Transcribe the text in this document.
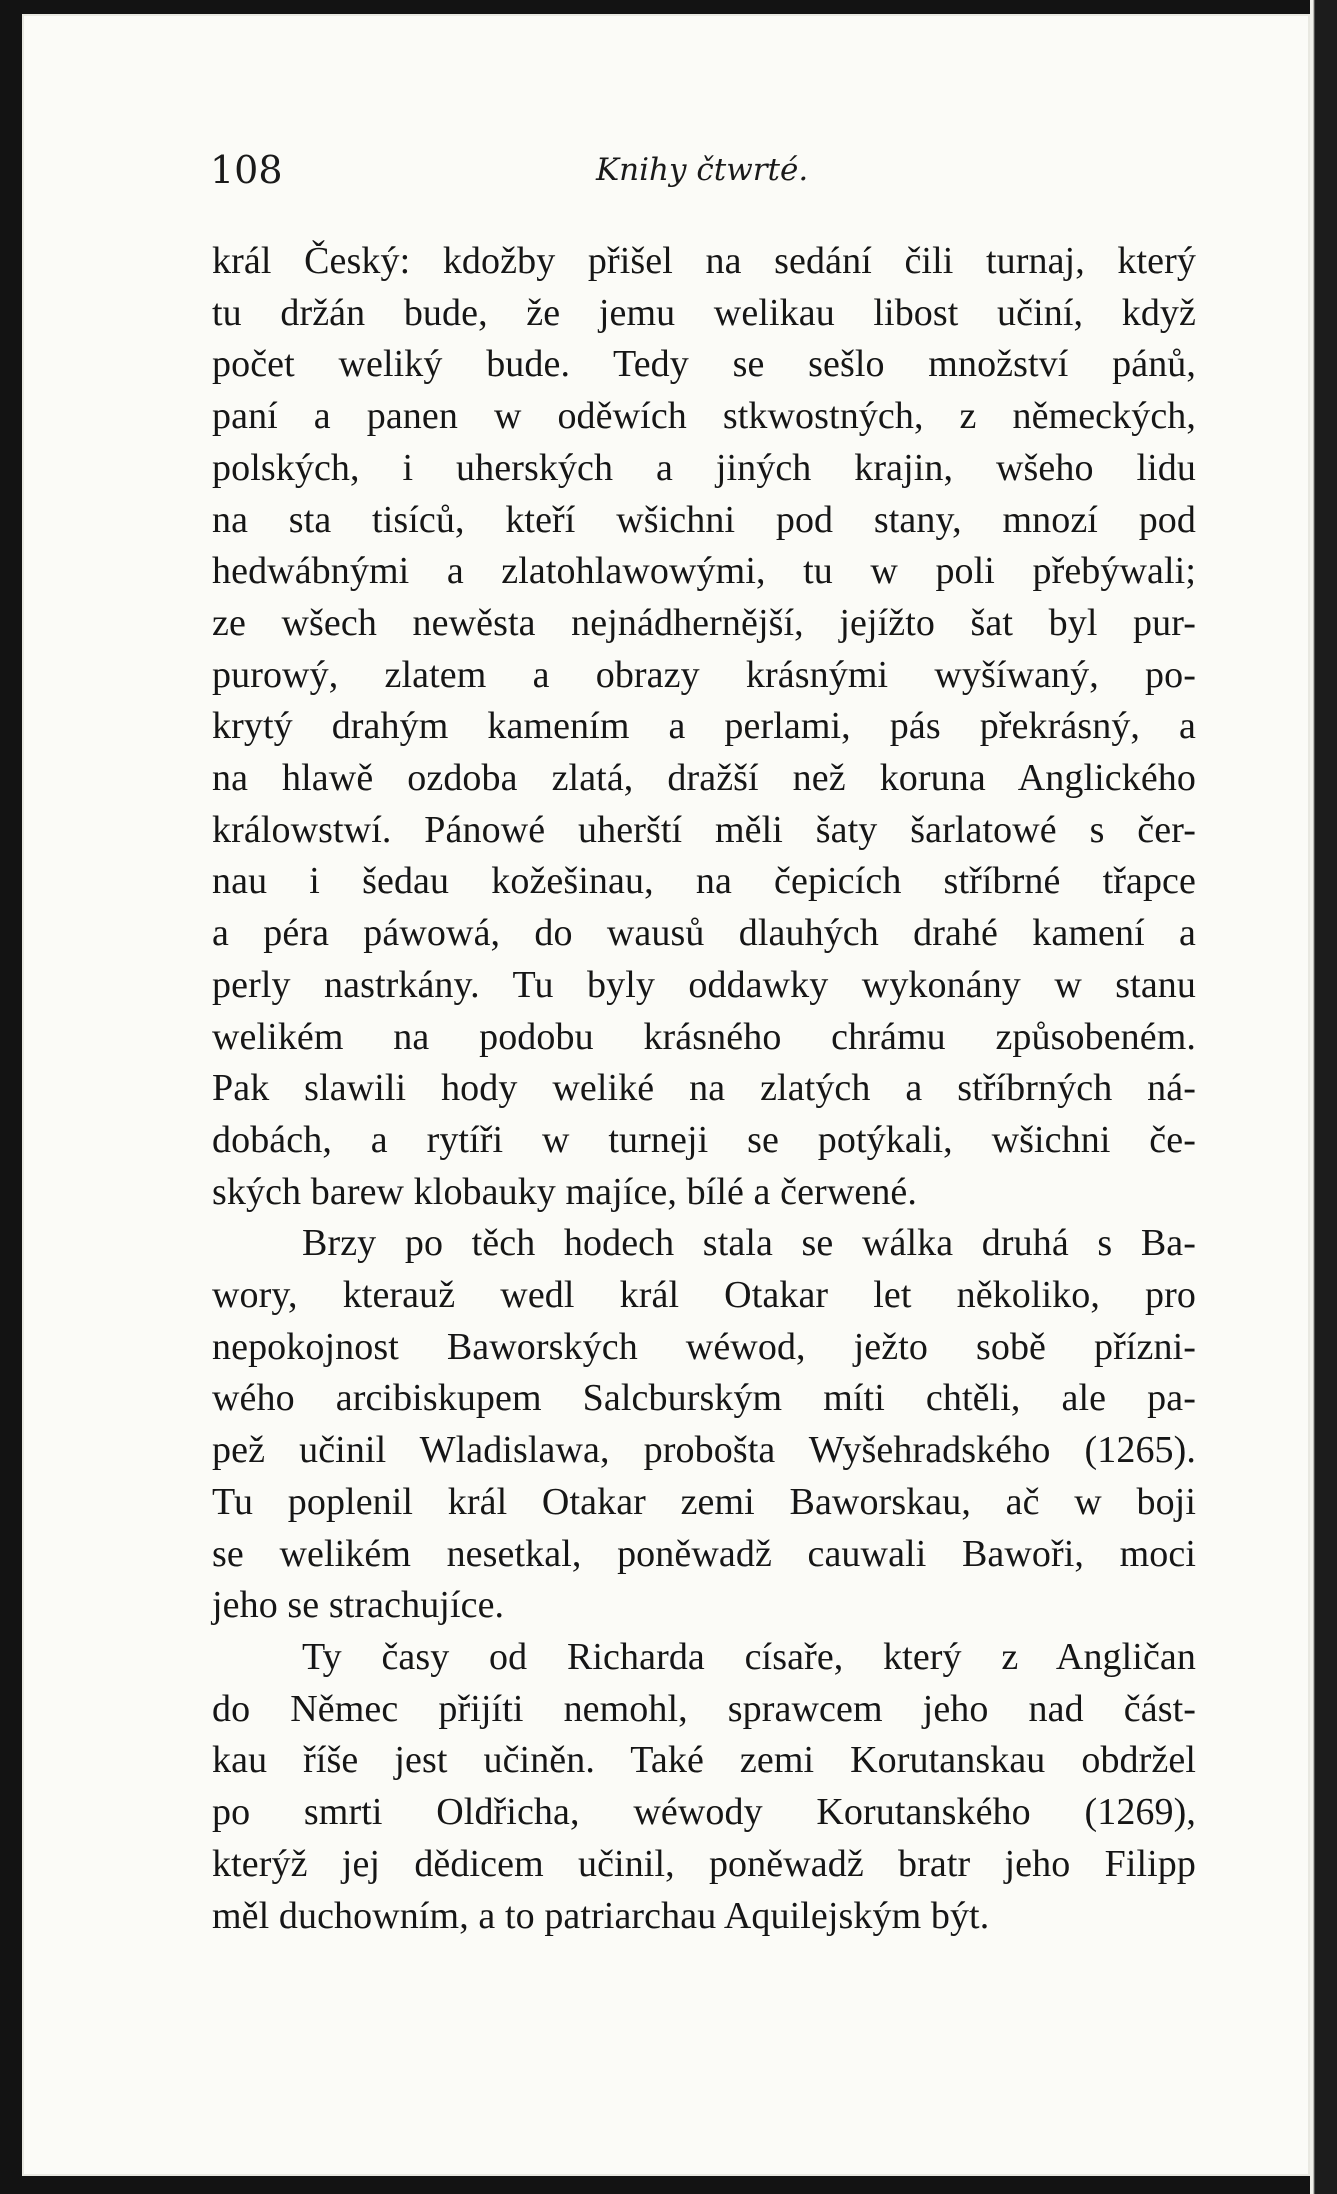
108	Knihy čtwrté.

král Český: kdožby přišel na sedání čili turnaj, který
tu držán bude, že jemu welikau libost učiní, když
počet weliký bude. Tedy se sešlo množství pánů,
paní a panen w oděwích stkwostných, z německých,
polských, i uherských a jiných krajin, wšeho lidu
na sta tisíců, kteří wšichni pod stany, mnozí pod
hedwábnými a zlatohlawowými, tu w poli přebýwali;
ze wšech newěsta nejnádhernější, jejížto šat byl pur-
purowý, zlatem a obrazy krásnými wyšíwaný, po-
krytý drahým kamením a perlami, pás překrásný, a
na hlawě ozdoba zlatá, dražší než koruna Anglického
králowstwí. Pánowé uherští měli šaty šarlatowé s čer-
nau i šedau kožešinau, na čepicích stříbrné třapce
a péra páwowá, do wausů dlauhých drahé kamení a
perly nastrkány. Tu byly oddawky wykonány w stanu
welikém na podobu krásného chrámu způsobeném.
Pak slawili hody weliké na zlatých a stříbrných ná-
dobách, a rytíři w turneji se potýkali, wšichni če-
ských barew klobauky majíce, bílé a čerwené.

Brzy po těch hodech stala se wálka druhá s Ba-
wory, kterauž wedl král Otakar let několiko, pro
nepokojnost Baworských wéwod, ježto sobě přízni-
wého arcibiskupem Salcburským míti chtěli, ale pa-
pež učinil Wladislawa, probošta Wyšehradského (1265).
Tu poplenil král Otakar zemi Baworskau, ač w boji
se welikém nesetkal, poněwadž cauwali Bawoři, moci
jeho se strachujíce.

Ty časy od Richarda císaře, který z Angličan
do Němec přijíti nemohl, sprawcem jeho nad část-
kau říše jest učiněn. Také zemi Korutanskau obdržel
po smrti Oldřicha, wéwody Korutanského (1269),
kterýž jej dědicem učinil, poněwadž bratr jeho Filipp
měl duchowním, a to patriarchau Aquilejským být.
